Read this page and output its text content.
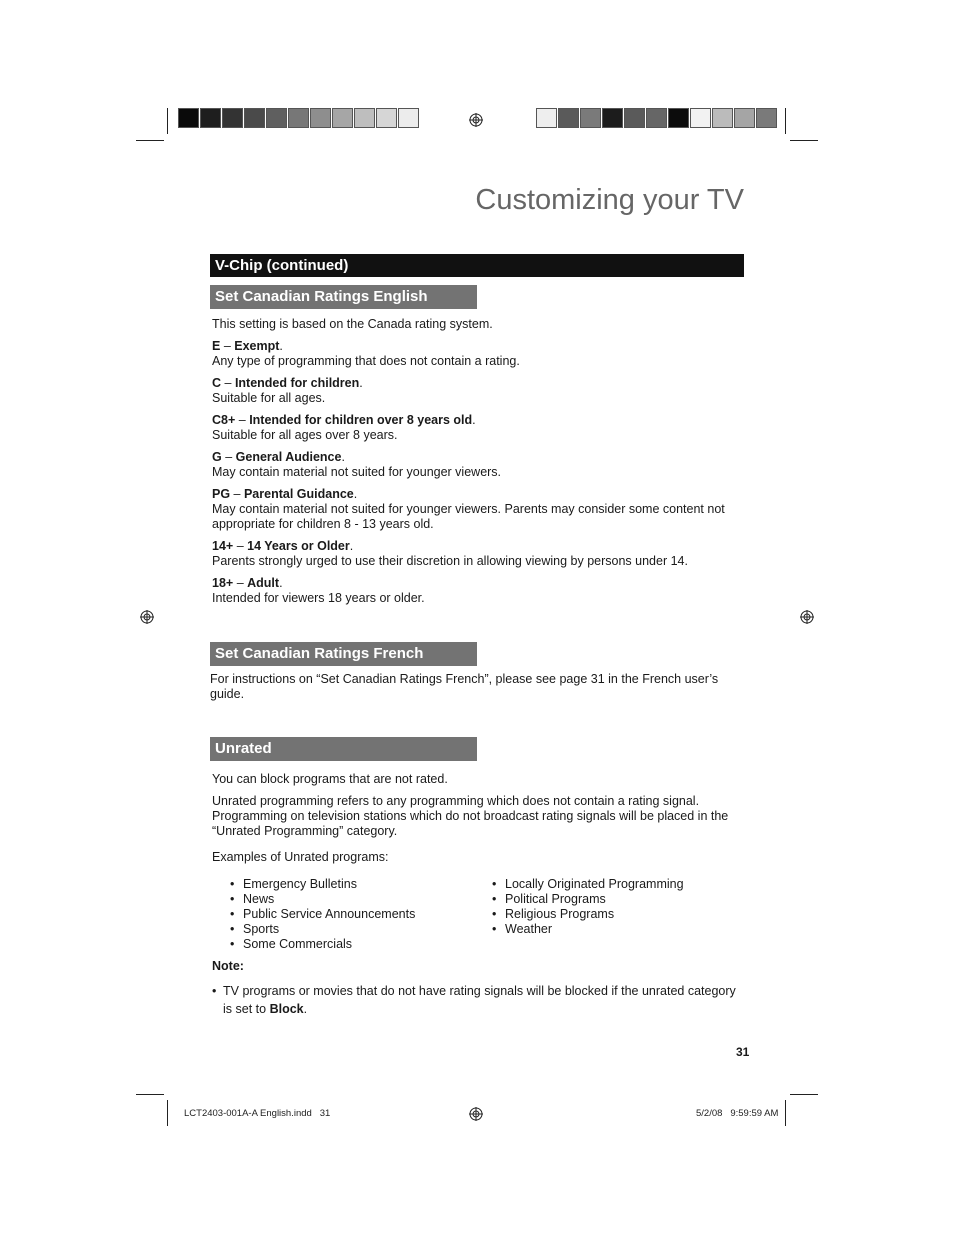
Customizing your TV
V-Chip (continued)
Set Canadian Ratings English
This setting is based on the Canada rating system.
E – Exempt.
Any type of programming that does not contain a rating.
C – Intended for children.
Suitable for all ages.
C8+ – Intended for children over 8 years old.
Suitable for all ages over 8 years.
G – General Audience.
May contain material not suited for younger viewers.
PG – Parental Guidance.
May contain material not suited for younger viewers. Parents may consider some content not appropriate for children 8 - 13 years old.
14+ – 14 Years or Older.
Parents strongly urged to use their discretion in allowing viewing by persons under 14.
18+ – Adult.
Intended for viewers 18 years or older.
Set Canadian Ratings French
For instructions on “Set Canadian Ratings French”, please see page 31 in the French user’s guide.
Unrated
You can block programs that are not rated.
Unrated programming refers to any programming which does not contain a rating signal. Programming on television stations which do not broadcast rating signals will be placed in the “Unrated Programming” category.
Examples of Unrated programs:
• Emergency Bulletins
• News
• Public Service Announcements
• Sports
• Some Commercials
• Locally Originated Programming
• Political Programs
• Religious Programs
• Weather
Note:
• TV programs or movies that do not have rating signals will be blocked if the unrated category is set to Block.
31
LCT2403-001A-A English.indd   31	5/2/08   9:59:59 AM
